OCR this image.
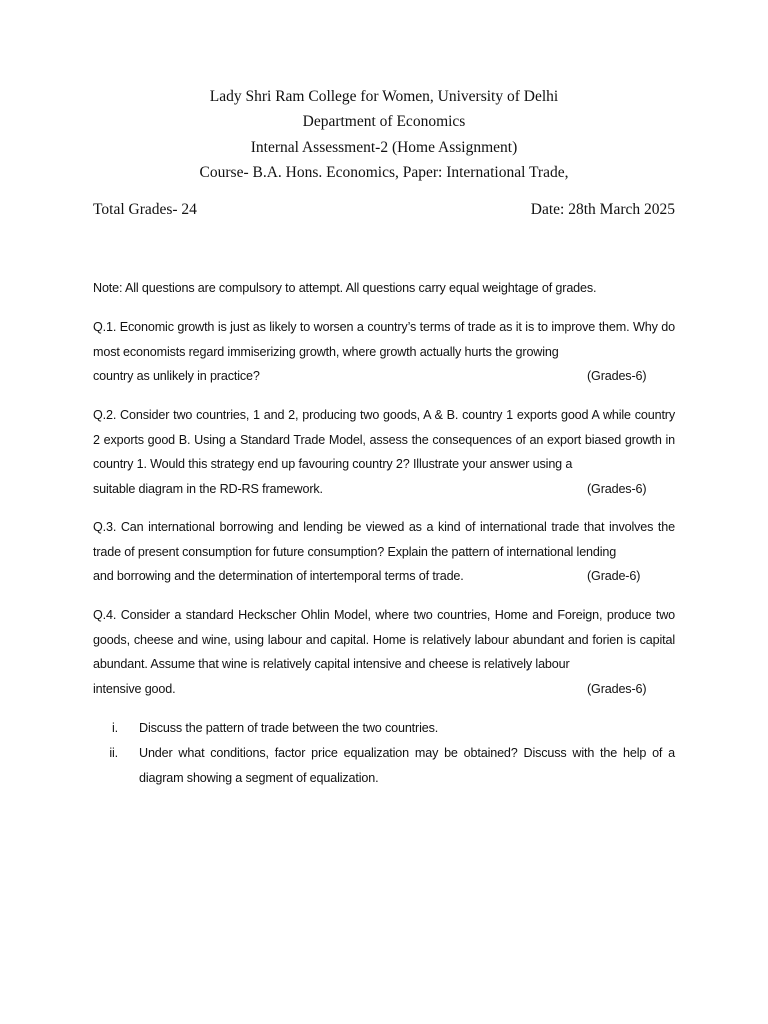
Lady Shri Ram College for Women, University of Delhi
Department of Economics
Internal Assessment-2 (Home Assignment)
Course- B.A. Hons. Economics, Paper: International Trade,
Total Grades- 24	Date: 28th March 2025
Note: All questions are compulsory to attempt. All questions carry equal weightage of grades.
Q.1. Economic growth is just as likely to worsen a country’s terms of trade as it is to improve them. Why do most economists regard immiserizing growth, where growth actually hurts the growing
country as unlikely in practice?	(Grades-6)
Q.2. Consider two countries, 1 and 2, producing two goods, A & B. country 1 exports good A while country 2 exports good B. Using a Standard Trade Model, assess the consequences of an export biased growth in country 1. Would this strategy end up favouring country 2? Illustrate your answer using a
suitable diagram in the RD-RS framework.	(Grades-6)
Q.3. Can international borrowing and lending be viewed as a kind of international trade that involves the trade of present consumption for future consumption? Explain the pattern of international lending
and borrowing and the determination of intertemporal terms of trade.	(Grade-6)
Q.4. Consider a standard Heckscher Ohlin Model, where two countries, Home and Foreign, produce two goods, cheese and wine, using labour and capital. Home is relatively labour abundant and forien is capital abundant. Assume that wine is relatively capital intensive and cheese is relatively labour
intensive good.	(Grades-6)
i. Discuss the pattern of trade between the two countries.
ii. Under what conditions, factor price equalization may be obtained? Discuss with the help of a diagram showing a segment of equalization.
